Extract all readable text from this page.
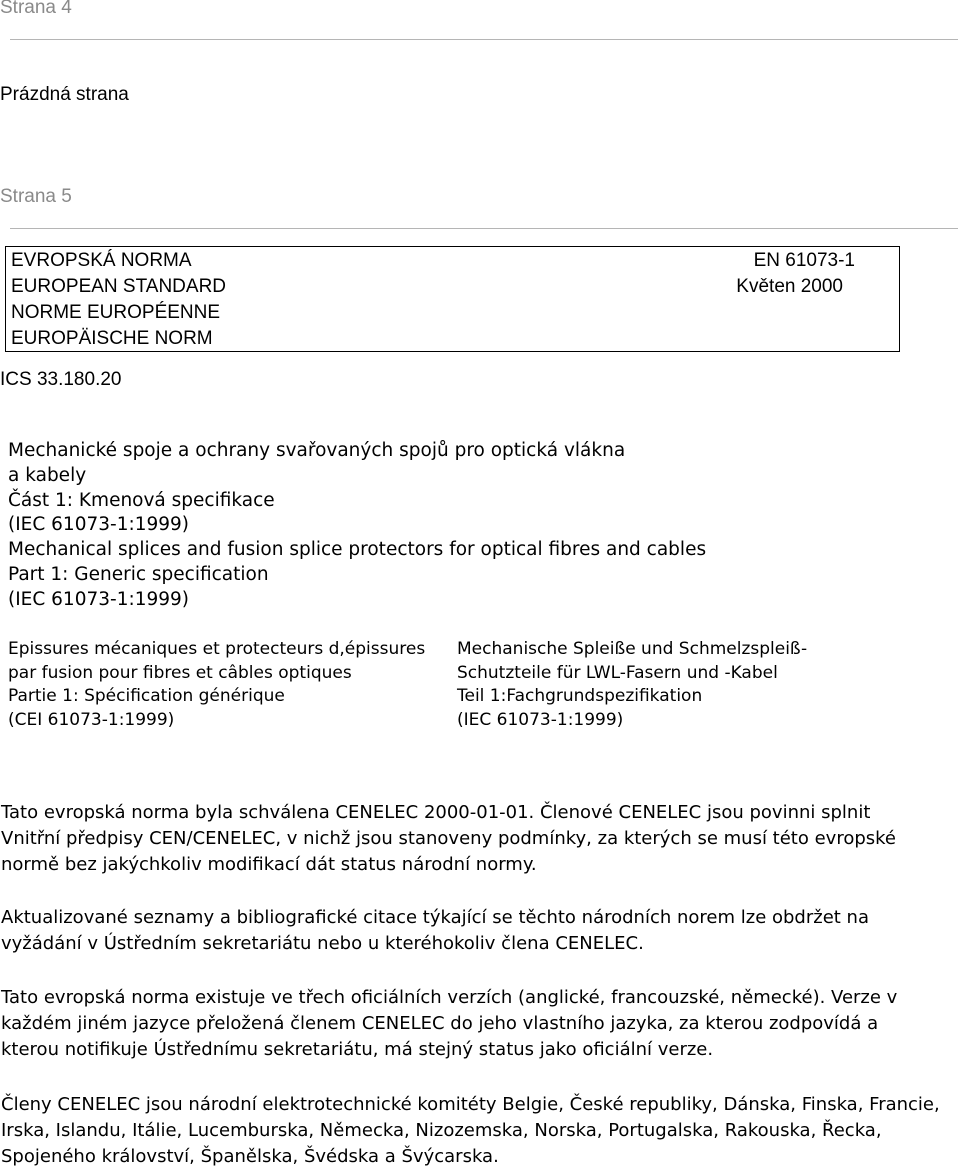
Strana 4
Prázdná strana
Strana 5
EVROPSKÁ NORMA
EUROPEAN STANDARD
NORME EUROPÉENNE
EUROPÄISCHE NORM
EN 61073-1
Květen 2000
ICS 33.180.20
Mechanické spoje a ochrany svařovaných spojů pro optická vlákna
a kabely
Část 1: Kmenová specifikace
(IEC 61073-1:1999)
Mechanical splices and fusion splice protectors for optical fibres and cables
Part 1: Generic specification
(IEC 61073-1:1999)
Epissures mécaniques et protecteurs d,épissures
par fusion pour fibres et câbles optiques
Partie 1: Spécification générique
(CEI 61073-1:1999)
Mechanische Spleiße und Schmelzspleiß-
Schutzteile für LWL-Fasern und -Kabel
Teil 1:Fachgrundspezifikation
(IEC 61073-1:1999)
Tato evropská norma byla schválena CENELEC 2000-01-01. Členové CENELEC jsou povinni splnit
Vnitřní předpisy CEN/CENELEC, v nichž jsou stanoveny podmínky, za kterých se musí této evropské
normě bez jakýchkoliv modifikací dát status národní normy.
Aktualizované seznamy a bibliografické citace týkající se těchto národních norem lze obdržet na
vyžádání v Ústředním sekretariátu nebo u kteréhokoliv člena CENELEC.
Tato evropská norma existuje ve třech oficiálních verzích (anglické, francouzské, německé). Verze v
každém jiném jazyce přeložená členem CENELEC do jeho vlastního jazyka, za kterou zodpovídá a
kterou notifikuje Ústřednímu sekretariátu, má stejný status jako oficiální verze.
Členy CENELEC jsou národní elektrotechnické komitéty Belgie, České republiky, Dánska, Finska, Francie,
Irska, Islandu, Itálie, Lucemburska, Německa, Nizozemska, Norska, Portugalska, Rakouska, Řecka,
Spojeného království, Španělska, Švédska a Švýcarska.
